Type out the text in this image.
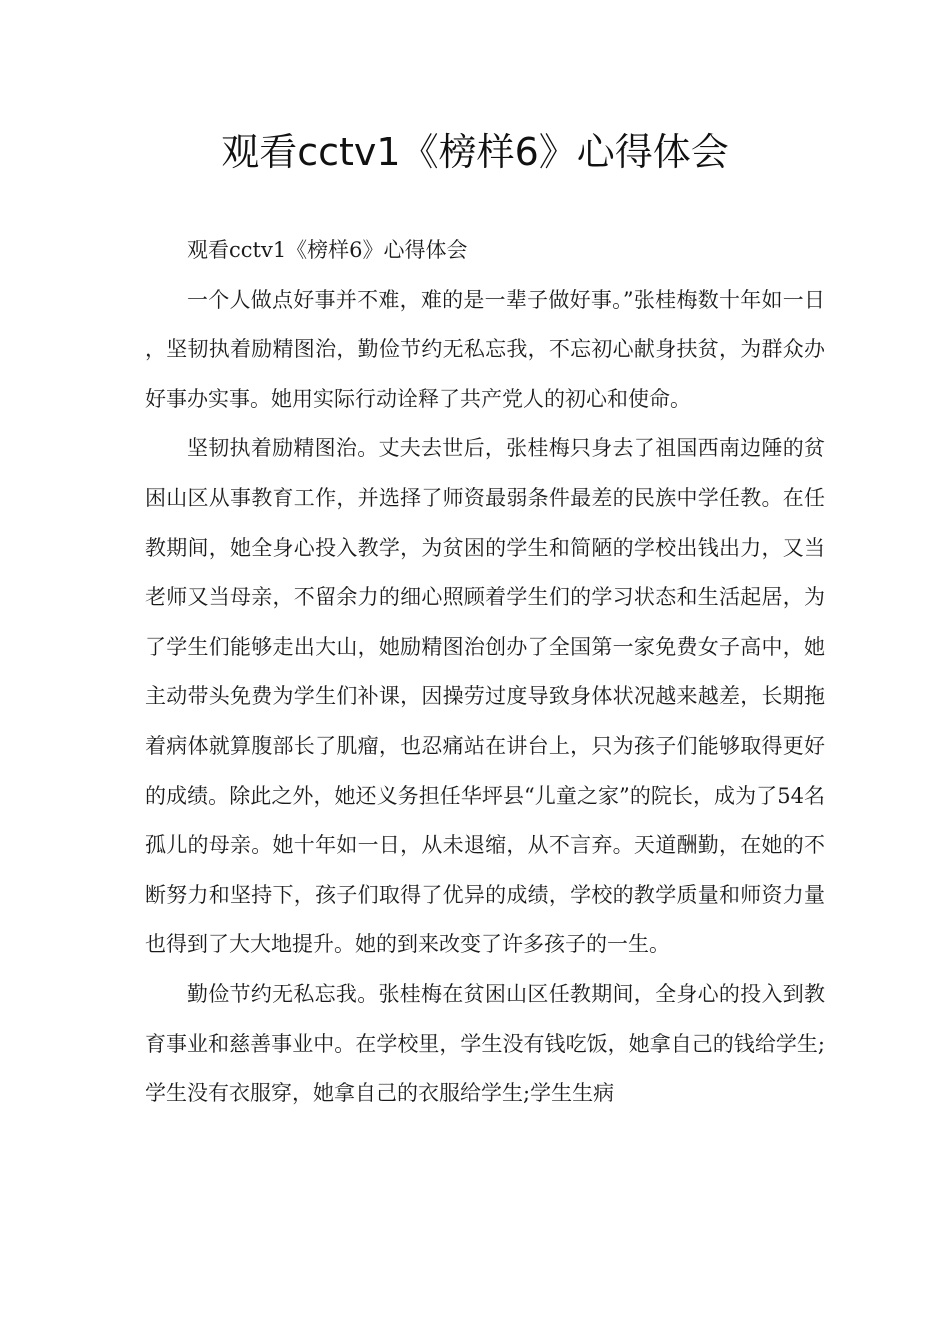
观看cctv1《榜样6》心得体会

观看cctv1《榜样6》心得体会

一个人做点好事并不难，难的是一辈子做好事。”张桂梅数十年如一日，坚韧执着励精图治，勤俭节约无私忘我，不忘初心献身扶贫，为群众办好事办实事。她用实际行动诠释了共产党人的初心和使命。

坚韧执着励精图治。丈夫去世后，张桂梅只身去了祖国西南边陲的贫困山区从事教育工作，并选择了师资最弱条件最差的民族中学任教。在任教期间，她全身心投入教学，为贫困的学生和简陋的学校出钱出力，又当老师又当母亲，不留余力的细心照顾着学生们的学习状态和生活起居，为了学生们能够走出大山，她励精图治创办了全国第一家免费女子高中，她主动带头免费为学生们补课，因操劳过度导致身体状况越来越差，长期拖着病体就算腹部长了肌瘤，也忍痛站在讲台上，只为孩子们能够取得更好的成绩。除此之外，她还义务担任华坪县“儿童之家”的院长，成为了54名孤儿的母亲。她十年如一日，从未退缩，从不言弃。天道酬勤，在她的不断努力和坚持下，孩子们取得了优异的成绩，学校的教学质量和师资力量也得到了大大地提升。她的到来改变了许多孩子的一生。

勤俭节约无私忘我。张桂梅在贫困山区任教期间，全身心的投入到教育事业和慈善事业中。在学校里，学生没有钱吃饭，她拿自己的钱给学生;学生没有衣服穿，她拿自己的衣服给学生;学生生病
